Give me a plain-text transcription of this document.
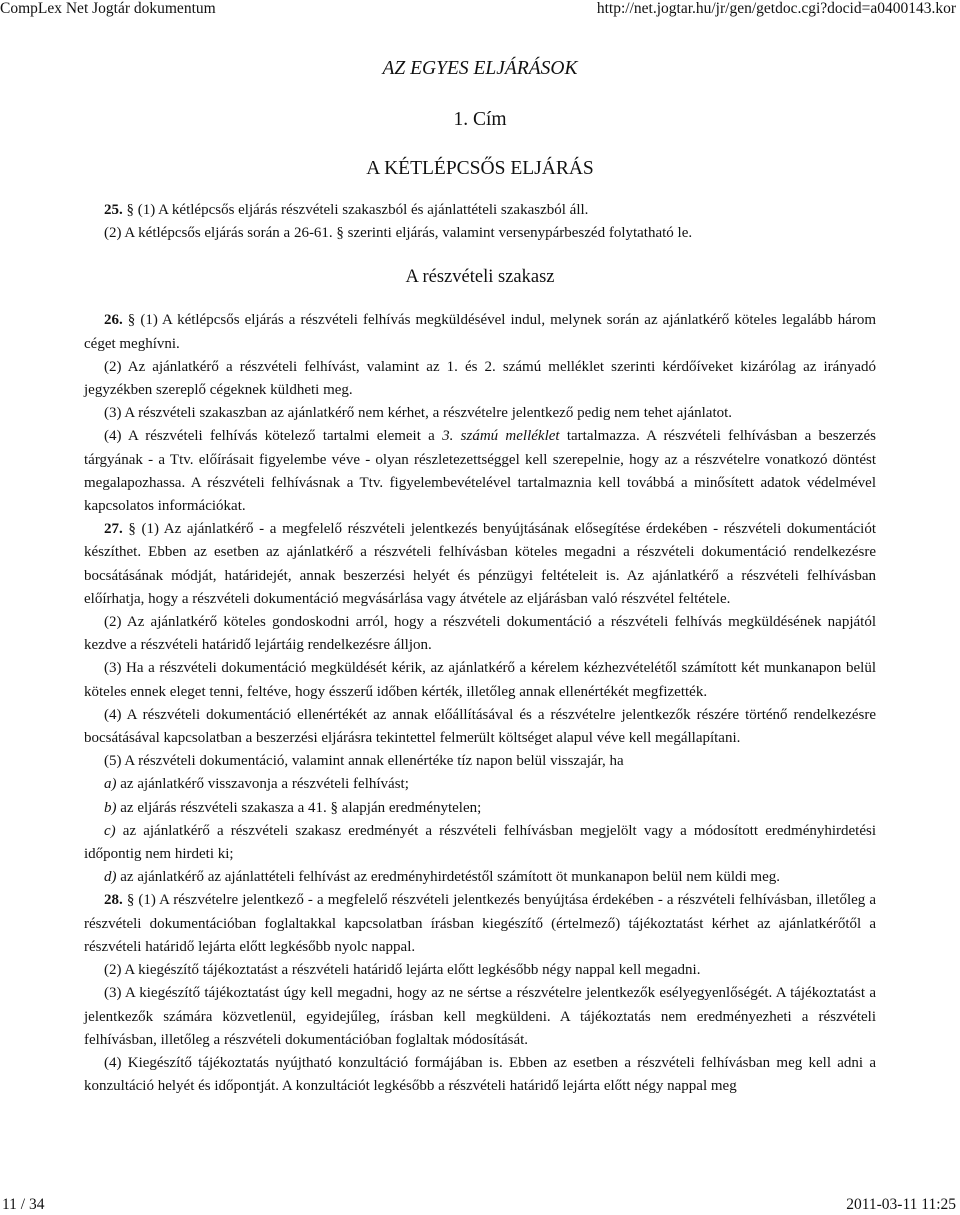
CompLex Net Jogtár dokumentum	http://net.jogtar.hu/jr/gen/getdoc.cgi?docid=a0400143.kor
AZ EGYES ELJÁRÁSOK
1. Cím
A KÉTLÉPCSŐS ELJÁRÁS

25. § (1) A kétlépcsős eljárás részvételi szakaszból és ajánlattételi szakaszból áll.

(2) A kétlépcsős eljárás során a 26-61. § szerinti eljárás, valamint versenypárbeszéd folytatható le.

A részvételi szakasz

26. § (1) A kétlépcsős eljárás a részvételi felhívás megküldésével indul, melynek során az ajánlatkérő köteles legalább három céget meghívni.

(2) Az ajánlatkérő a részvételi felhívást, valamint az 1. és 2. számú melléklet szerinti kérdőíveket kizárólag az irányadó jegyzékben szereplő cégeknek küldheti meg.

(3) A részvételi szakaszban az ajánlatkérő nem kérhet, a részvételre jelentkező pedig nem tehet ajánlatot.

(4) A részvételi felhívás kötelező tartalmi elemeit a 3. számú melléklet tartalmazza. A részvételi felhívásban a beszerzés tárgyának - a Ttv. előírásait figyelembe véve - olyan részletezettséggel kell szerepelnie, hogy az a részvételre vonatkozó döntést megalapozhassa. A részvételi felhívásnak a Ttv. figyelembevételével tartalmaznia kell továbbá a minősített adatok védelmével kapcsolatos információkat.

27. § (1) Az ajánlatkérő - a megfelelő részvételi jelentkezés benyújtásának elősegítése érdekében - részvételi dokumentációt készíthet. Ebben az esetben az ajánlatkérő a részvételi felhívásban köteles megadni a részvételi dokumentáció rendelkezésre bocsátásának módját, határidejét, annak beszerzési helyét és pénzügyi feltételeit is. Az ajánlatkérő a részvételi felhívásban előírhatja, hogy a részvételi dokumentáció megvásárlása vagy átvétele az eljárásban való részvétel feltétele.

(2) Az ajánlatkérő köteles gondoskodni arról, hogy a részvételi dokumentáció a részvételi felhívás megküldésének napjától kezdve a részvételi határidő lejártáig rendelkezésre álljon.

(3) Ha a részvételi dokumentáció megküldését kérik, az ajánlatkérő a kérelem kézhezvételétől számított két munkanapon belül köteles ennek eleget tenni, feltéve, hogy ésszerű időben kérték, illetőleg annak ellenértékét megfizették.

(4) A részvételi dokumentáció ellenértékét az annak előállításával és a részvételre jelentkezők részére történő rendelkezésre bocsátásával kapcsolatban a beszerzési eljárásra tekintettel felmerült költséget alapul véve kell megállapítani.

(5) A részvételi dokumentáció, valamint annak ellenértéke tíz napon belül visszajár, ha

a) az ajánlatkérő visszavonja a részvételi felhívást;

b) az eljárás részvételi szakasza a 41. § alapján eredménytelen;

c) az ajánlatkérő a részvételi szakasz eredményét a részvételi felhívásban megjelölt vagy a módosított eredményhirdetési időpontig nem hirdeti ki;

d) az ajánlatkérő az ajánlattételi felhívást az eredményhirdetéstől számított öt munkanapon belül nem küldi meg.

28. § (1) A részvételre jelentkező - a megfelelő részvételi jelentkezés benyújtása érdekében - a részvételi felhívásban, illetőleg a részvételi dokumentációban foglaltakkal kapcsolatban írásban kiegészítő (értelmező) tájékoztatást kérhet az ajánlatkérőtől a részvételi határidő lejárta előtt legkésőbb nyolc nappal.

(2) A kiegészítő tájékoztatást a részvételi határidő lejárta előtt legkésőbb négy nappal kell megadni.

(3) A kiegészítő tájékoztatást úgy kell megadni, hogy az ne sértse a részvételre jelentkezők esélyegyenlőségét. A tájékoztatást a jelentkezők számára közvetlenül, egyidejűleg, írásban kell megküldeni. A tájékoztatás nem eredményezheti a részvételi felhívásban, illetőleg a részvételi dokumentációban foglaltak módosítását.

(4) Kiegészítő tájékoztatás nyújtható konzultáció formájában is. Ebben az esetben a részvételi felhívásban meg kell adni a konzultáció helyét és időpontját. A konzultációt legkésőbb a részvételi határidő lejárta előtt négy nappal meg

11 / 34	2011-03-11 11:25
